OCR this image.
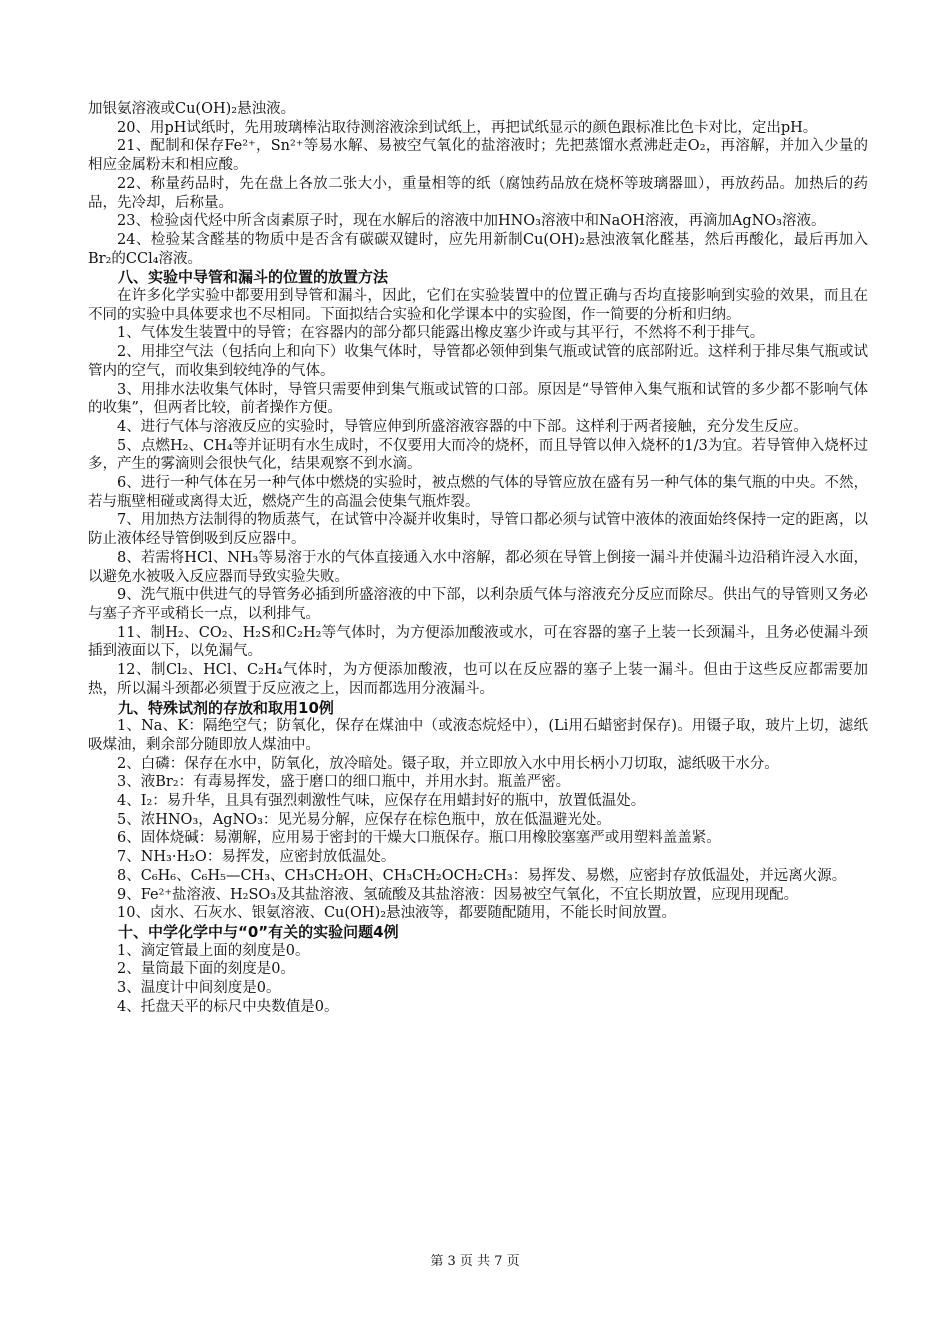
加银氨溶液或Cu(OH)₂悬浊液。

20、用pH试纸时，先用玻璃棒沾取待测溶液涂到试纸上，再把试纸显示的颜色跟标准比色卡对比，定出pH。

21、配制和保存Fe²⁺，Sn²⁺等易水解、易被空气氧化的盐溶液时；先把蒸馏水煮沸赶走O₂，再溶解，并加入少量的相应金属粉末和相应酸。

22、称量药品时，先在盘上各放二张大小，重量相等的纸（腐蚀药品放在烧杯等玻璃器皿），再放药品。加热后的药品，先冷却，后称量。

23、检验卤代烃中所含卤素原子时，现在水解后的溶液中加HNO₃溶液中和NaOH溶液，再滴加AgNO₃溶液。

24、检验某含醛基的物质中是否含有碳碳双键时，应先用新制Cu(OH)₂悬浊液氧化醛基，然后再酸化，最后再加入Br₂的CCl₄溶液。

八、实验中导管和漏斗的位置的放置方法

在许多化学实验中都要用到导管和漏斗，因此，它们在实验装置中的位置正确与否均直接影响到实验的效果，而且在不同的实验中具体要求也不尽相同。下面拟结合实验和化学课本中的实验图，作一简要的分析和归纳。

1、气体发生装置中的导管；在容器内的部分都只能露出橡皮塞少许或与其平行，不然将不利于排气。

2、用排空气法（包括向上和向下）收集气体时，导管都必领伸到集气瓶或试管的底部附近。这样利于排尽集气瓶或试管内的空气，而收集到较纯净的气体。

3、用排水法收集气体时，导管只需要伸到集气瓶或试管的口部。原因是“导管伸入集气瓶和试管的多少都不影响气体的收集”，但两者比较，前者操作方便。

4、进行气体与溶液反应的实验时，导管应伸到所盛溶液容器的中下部。这样利于两者接触，充分发生反应。

5、点燃H₂、CH₄等并证明有水生成时，不仅要用大而冷的烧杯，而且导管以伸入烧杯的1/3为宜。若导管伸入烧杯过多，产生的雾滴则会很快气化，结果观察不到水滴。

6、进行一种气体在另一种气体中燃烧的实验时，被点燃的气体的导管应放在盛有另一种气体的集气瓶的中央。不然，若与瓶壁相碰或离得太近，燃烧产生的高温会使集气瓶炸裂。

7、用加热方法制得的物质蒸气，在试管中冷凝并收集时，导管口都必须与试管中液体的液面始终保持一定的距离，以防止液体经导管倒吸到反应器中。

8、若需将HCl、NH₃等易溶于水的气体直接通入水中溶解，都必须在导管上倒接一漏斗并使漏斗边沿稍许浸入水面，以避免水被吸入反应器而导致实验失败。

9、洗气瓶中供进气的导管务必插到所盛溶液的中下部，以利杂质气体与溶液充分反应而除尽。供出气的导管则又务必与塞子齐平或稍长一点，以利排气。

11、制H₂、CO₂、H₂S和C₂H₂等气体时，为方便添加酸液或水，可在容器的塞子上装一长颈漏斗，且务必使漏斗颈插到液面以下，以免漏气。

12、制Cl₂、HCl、C₂H₄气体时，为方便添加酸液，也可以在反应器的塞子上装一漏斗。但由于这些反应都需要加热，所以漏斗颈都必须置于反应液之上，因而都选用分液漏斗。

九、特殊试剂的存放和取用10例

1、Na、K：隔绝空气；防氧化，保存在煤油中（或液态烷烃中），(Li用石蜡密封保存)。用镊子取，玻片上切，滤纸吸煤油，剩余部分随即放人煤油中。

2、白磷：保存在水中，防氧化，放冷暗处。镊子取，并立即放入水中用长柄小刀切取，滤纸吸干水分。

3、液Br₂：有毒易挥发，盛于磨口的细口瓶中，并用水封。瓶盖严密。

4、I₂：易升华，且具有强烈刺激性气味，应保存在用蜡封好的瓶中，放置低温处。

5、浓HNO₃，AgNO₃：见光易分解，应保存在棕色瓶中，放在低温避光处。

6、固体烧碱：易潮解，应用易于密封的干燥大口瓶保存。瓶口用橡胶塞塞严或用塑料盖盖紧。

7、NH₃·H₂O：易挥发，应密封放低温处。

8、C₆H₆、C₆H₅—CH₃、CH₃CH₂OH、CH₃CH₂OCH₂CH₃：易挥发、易燃，应密封存放低温处，并远离火源。

9、Fe²⁺盐溶液、H₂SO₃及其盐溶液、氢硫酸及其盐溶液：因易被空气氧化，不宜长期放置，应现用现配。

10、卤水、石灰水、银氨溶液、Cu(OH)₂悬浊液等，都要随配随用，不能长时间放置。

十、中学化学中与“0”有关的实验问题4例

1、滴定管最上面的刻度是0。

2、量筒最下面的刻度是0。

3、温度计中间刻度是0。

4、托盘天平的标尺中央数值是0。

第 3 页 共 7 页
